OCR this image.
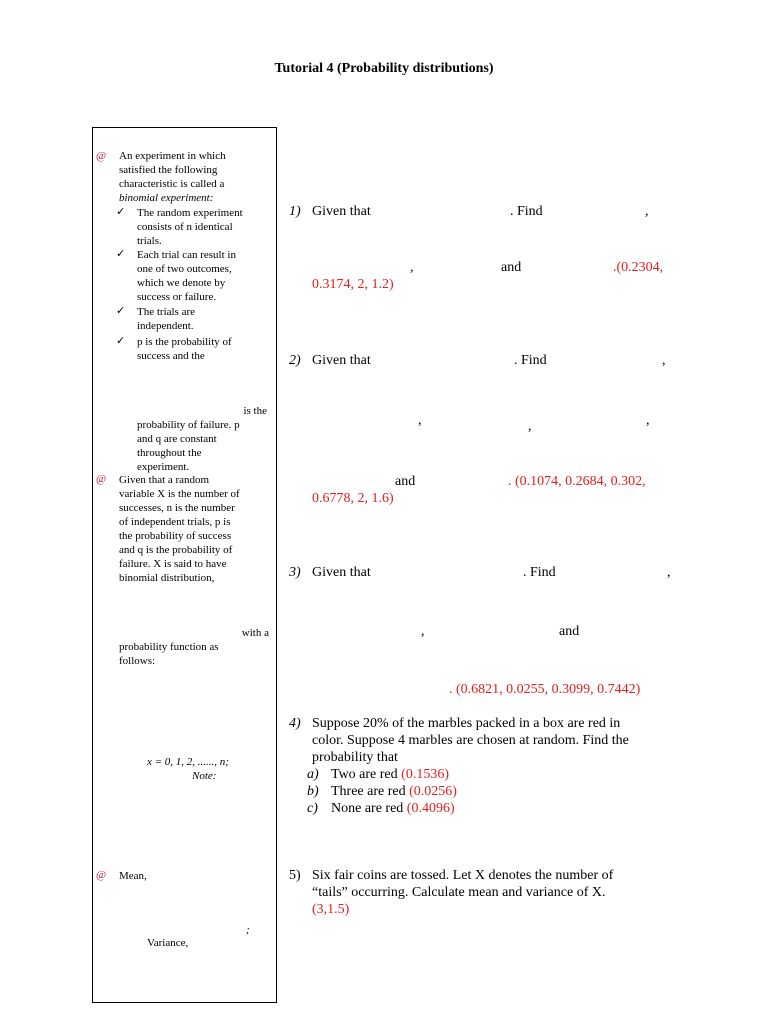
Tutorial 4 (Probability distributions)
@ An experiment in which
satisfied the following
characteristic is called a
binomial experiment:
✓ The random experiment
consists of n identical
trials.
✓ Each trial can result in
one of two outcomes,
which we denote by
success or failure.
✓ The trials are
independent.
✓ p is the probability of
success and the
is the
probability of failure. p
and q are constant
throughout the
experiment.
@ Given that a random
variable X is the number of
successes, n is the number
of independent trials, p is
the probability of success
and q is the probability of
failure. X is said to have
binomial distribution,
with a
probability function as
follows:
x = 0, 1, 2, ......, n;
Note:
@ Mean,
;
Variance,
1) Given that	. Find	,
,	and	.(0.2304,
0.3174, 2, 1.2)
2) Given that	. Find	,
,	,	,
and	. (0.1074, 0.2684, 0.302,
0.6778, 2, 1.6)
3) Given that	. Find	,
,	and
. (0.6821, 0.0255, 0.3099, 0.7442)
4) Suppose 20% of the marbles packed in a box are red in
color. Suppose 4 marbles are chosen at random. Find the
probability that
a) Two are red (0.1536)
b) Three are red (0.0256)
c) None are red (0.4096)
5) Six fair coins are tossed. Let X denotes the number of
“tails” occurring. Calculate mean and variance of X.
(3,1.5)
